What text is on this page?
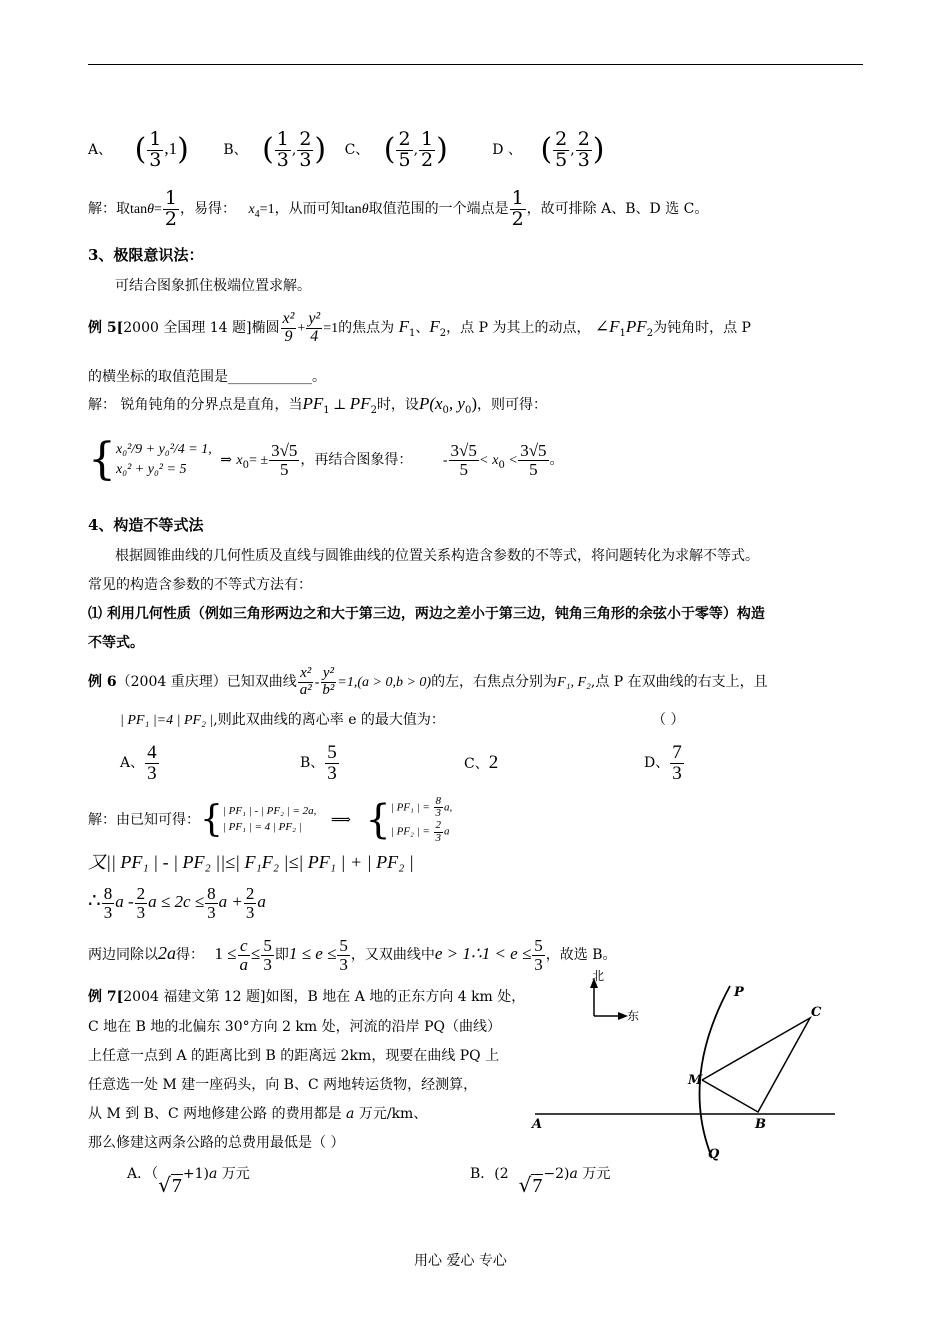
A、 ( $\frac{1}{3} ,1$) B、 ( $\frac{1}{3}$ , $\frac{2}{3}$ ) C、 ( $\frac{2}{5}$ , $\frac{1}{2}$ )	D 、 ( $\frac{2}{5}$ , $\frac{2}{3}$ )
解：取$\tan\theta= \frac{1}{2}$ ，易得： $x_4=1$，从而可知tanθ取值范围的一个端点是 $\frac{1}{2}$ ，故可排除 A、B、D 选 C。
3、极限意识法：
可结合图象抓住极端位置求解。
例 5[2000 全国理 14 题]椭圆 $\frac{\text{x²}}{9} + \frac{\text{y²}}{4} =1$的焦点为 $F_1$、$F_2$，点 P 为其上的动点， $\angle F_1PF_2$为钝角时，点 P
的横坐标的取值范围是____________。
解： 锐角钝角的分界点是直角，当$PF_1$ ⊥ $PF_2$时，设$P(x_0$, $y_0$)，则可得：
{ x₀²/9 + y₀²/4 = 1,
x₀² + y₀² = 5
⇒ $x_0= \pm \frac{3√5}{5}$ ，再结合图象得： - $\frac{3√5}{5} < x_0 < \frac{3√5}{5}$ 。
4、构造不等式法
根据圆锥曲线的几何性质及直线与圆锥曲线的位置关系构造含参数的不等式，将问题转化为求解不等式。
常见的构造含参数的不等式方法有：
⑴ 利用几何性质（例如三角形两边之和大于第三边，两边之差小于第三边，钝角三角形的余弦小于零等）构造
不等式。
例 6（2004 重庆理）已知双曲线 $\frac{\text{x²}}{\text{a²}} - \frac{\text{y²}}{\text{b²}} =1,(a > 0,b > 0)$的左，右焦点分别为F₁, F₂,点 P 在双曲线的右支上，且
| PF₁ |=4 | PF₂ |,则此双曲线的离心率 e 的最大值为：	（ ）
A、 $\frac{4}{3}$	B、 $\frac{5}{3}$	C、2	D、 $\frac{7}{3}$
解：由已知可得：{ | PF₁ | - | PF₂ | = 2a,
| PF₁ | = 4 | PF₂ |	⟹ { | PF₁ | = $\frac{8}{3} a$,
| PF₂ | = $\frac{2}{3}$ a
又|| PF₁ | - | PF₂ ||≤| F₁F₂ |≤| PF₁ | + | PF₂ |
∴ $\frac{8}{3}$ a - $\frac{2}{3}$ $a \le 2c \le \frac{8}{3}$ $a + \frac{2}{3}$ a
两边同除以2a得： $1 \le \frac{c}{a} \le \frac{5}{3}$ 即$1 \le e \le \frac{5}{3}$ ，又双曲线中e > 1∴1 < $e \le \frac{5}{3}$ ，故选 B。
例 7[2004 福建文第 12 题]如图，B 地在 A 地的正东方向 4 km 处，
C 地在 B 地的北偏东 30°方向 2 km 处，河流的沿岸 PQ（曲线）
上任意一点到 A 的距离比到 B 的距离远 2km，现要在曲线 PQ 上
任意选一处 M 建一座码头，向 B、C 两地转运货物，经测算，
从 M 到 B、C 两地修建公路 的费用都是 a 万元/km、
那么修建这两条公路的总费用最低是（ ）
A．（√7+1)a 万元	B．(2 √7−2)a 万元
北
东
P
C
M
B
A
Q
用心 爱心 专心
